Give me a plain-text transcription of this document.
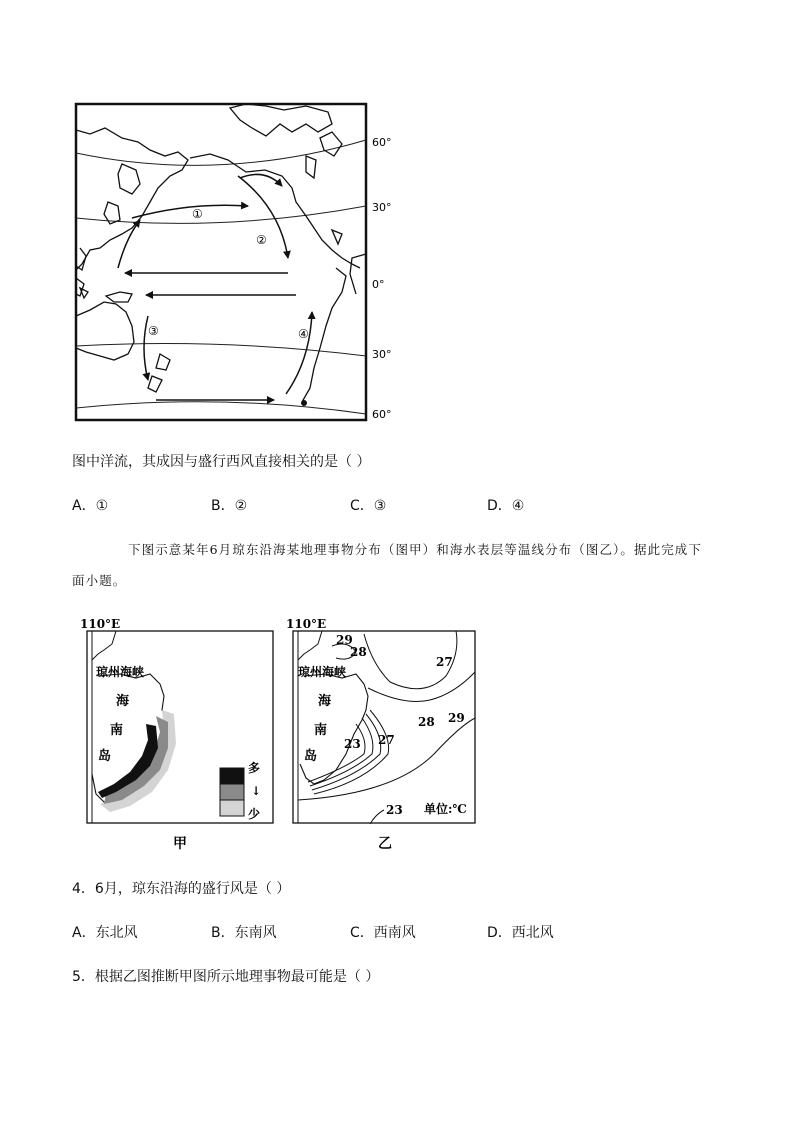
①
②
③	④
60°
30°
0°
30°
60°
图中洋流，其成因与盛行西风直接相关的是（ ）
A．①	B．②	C．③	D．④
下图示意某年6月琼东沿海某地理事物分布（图甲）和海水表层等温线分布（图乙）。据此完成下
面小题。
110°E
琼州海峡
海
南
岛
多
↓
少
甲
110°E
琼州海峡
海
南
岛
29
28
27
28 29
23 27
23 单位:℃
乙
4．6月，琼东沿海的盛行风是（ ）
A．东北风	B．东南风	C．西南风	D．西北风
5．根据乙图推断甲图所示地理事物最可能是（ ）
